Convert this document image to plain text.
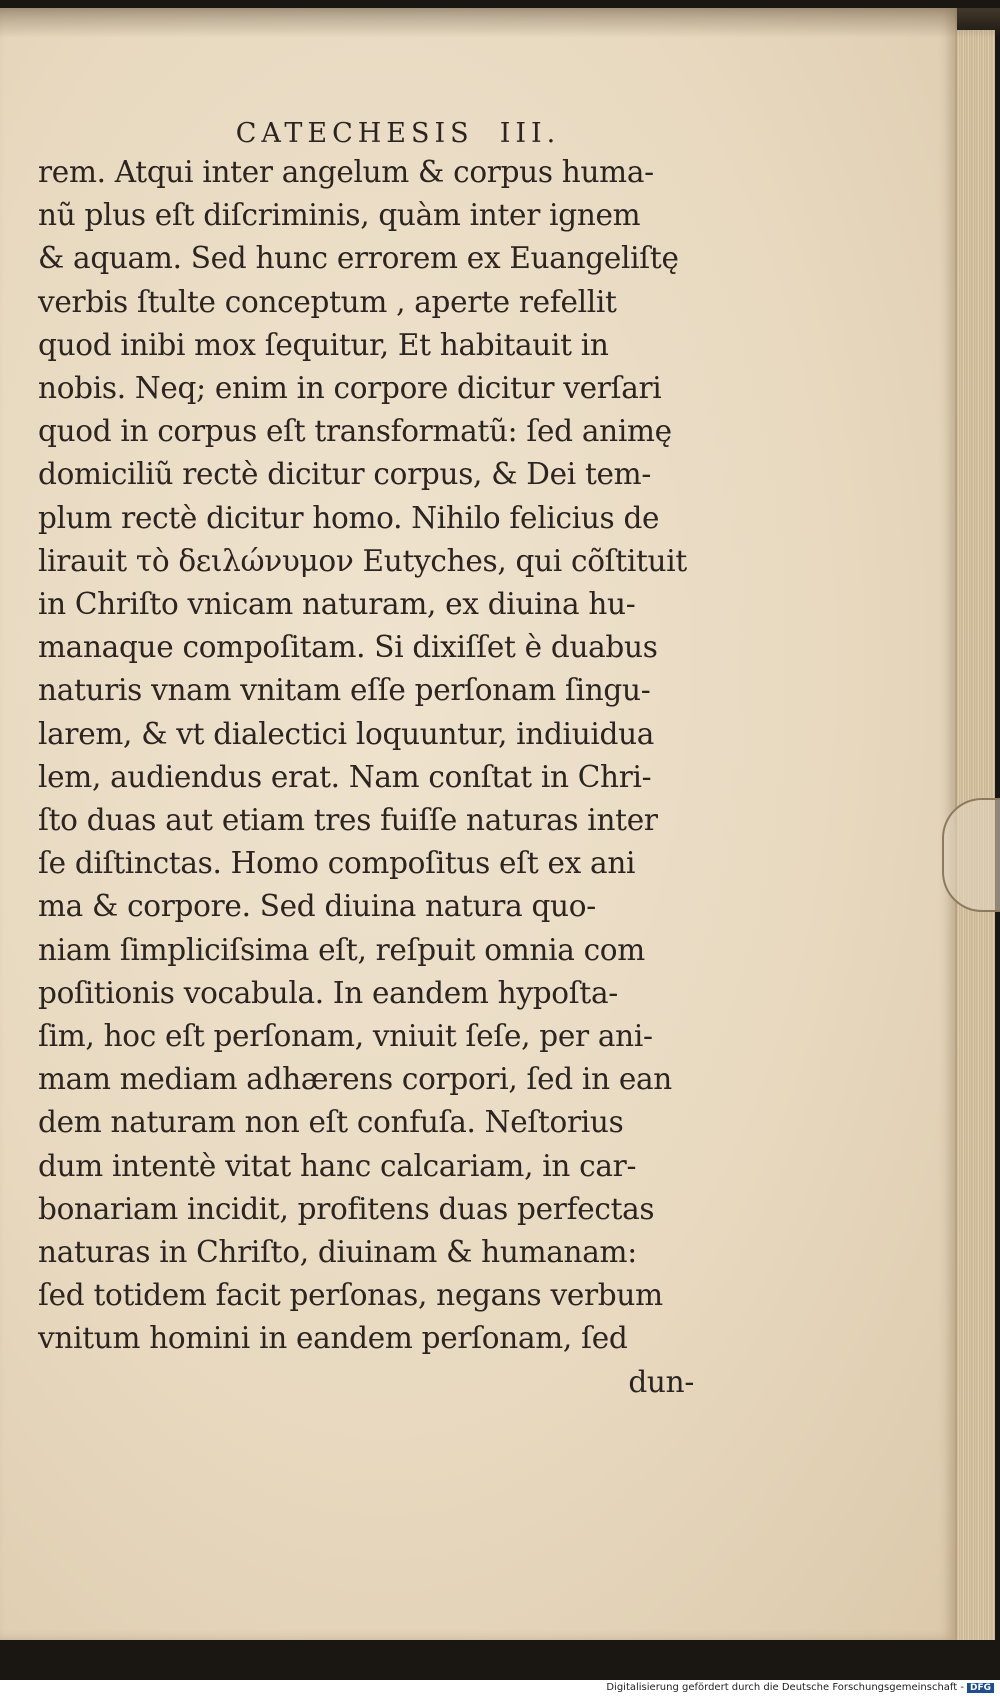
CATECHESIS III.
rem. Atqui inter angelum & corpus huma-
nũ plus eſt diſcriminis, quàm inter ignem
& aquam. Sed hunc errorem ex Euangeliſtę
verbis ſtulte conceptum , aperte refellit
quod inibi mox ſequitur, Et habitauit in
nobis. Neq; enim in corpore dicitur verſari
quod in corpus eſt transformatũ: ſed animę
domiciliũ rectè dicitur corpus, & Dei tem-
plum rectè dicitur homo. Nihilo felicius de
lirauit τὸ δειλώνυμον Eutyches, qui cõſtituit
in Chriſto vnicam naturam, ex diuina hu-
manaque compoſitam. Si dixiſſet è duabus
naturis vnam vnitam eſſe perſonam ſingu-
larem, & vt dialectici loquuntur, indiuidua
lem, audiendus erat. Nam conſtat in Chri-
ſto duas aut etiam tres fuiſſe naturas inter
ſe diſtinctas. Homo compoſitus eſt ex ani
ma & corpore. Sed diuina natura quo-
niam ſimpliciſsima eſt, reſpuit omnia com
poſitionis vocabula. In eandem hypoſta-
ſim, hoc eſt perſonam, vniuit ſeſe, per ani-
mam mediam adhærens corpori, ſed in ean
dem naturam non eſt confuſa. Neſtorius
dum intentè vitat hanc calcariam, in car-
bonariam incidit, profitens duas perfectas
naturas in Chriſto, diuinam & humanam:
ſed totidem facit perſonas, negans verbum
vnitum homini in eandem perſonam, ſed
dun-
Digitalisierung gefördert durch die Deutsche Forschungsgemeinschaft - DFG
